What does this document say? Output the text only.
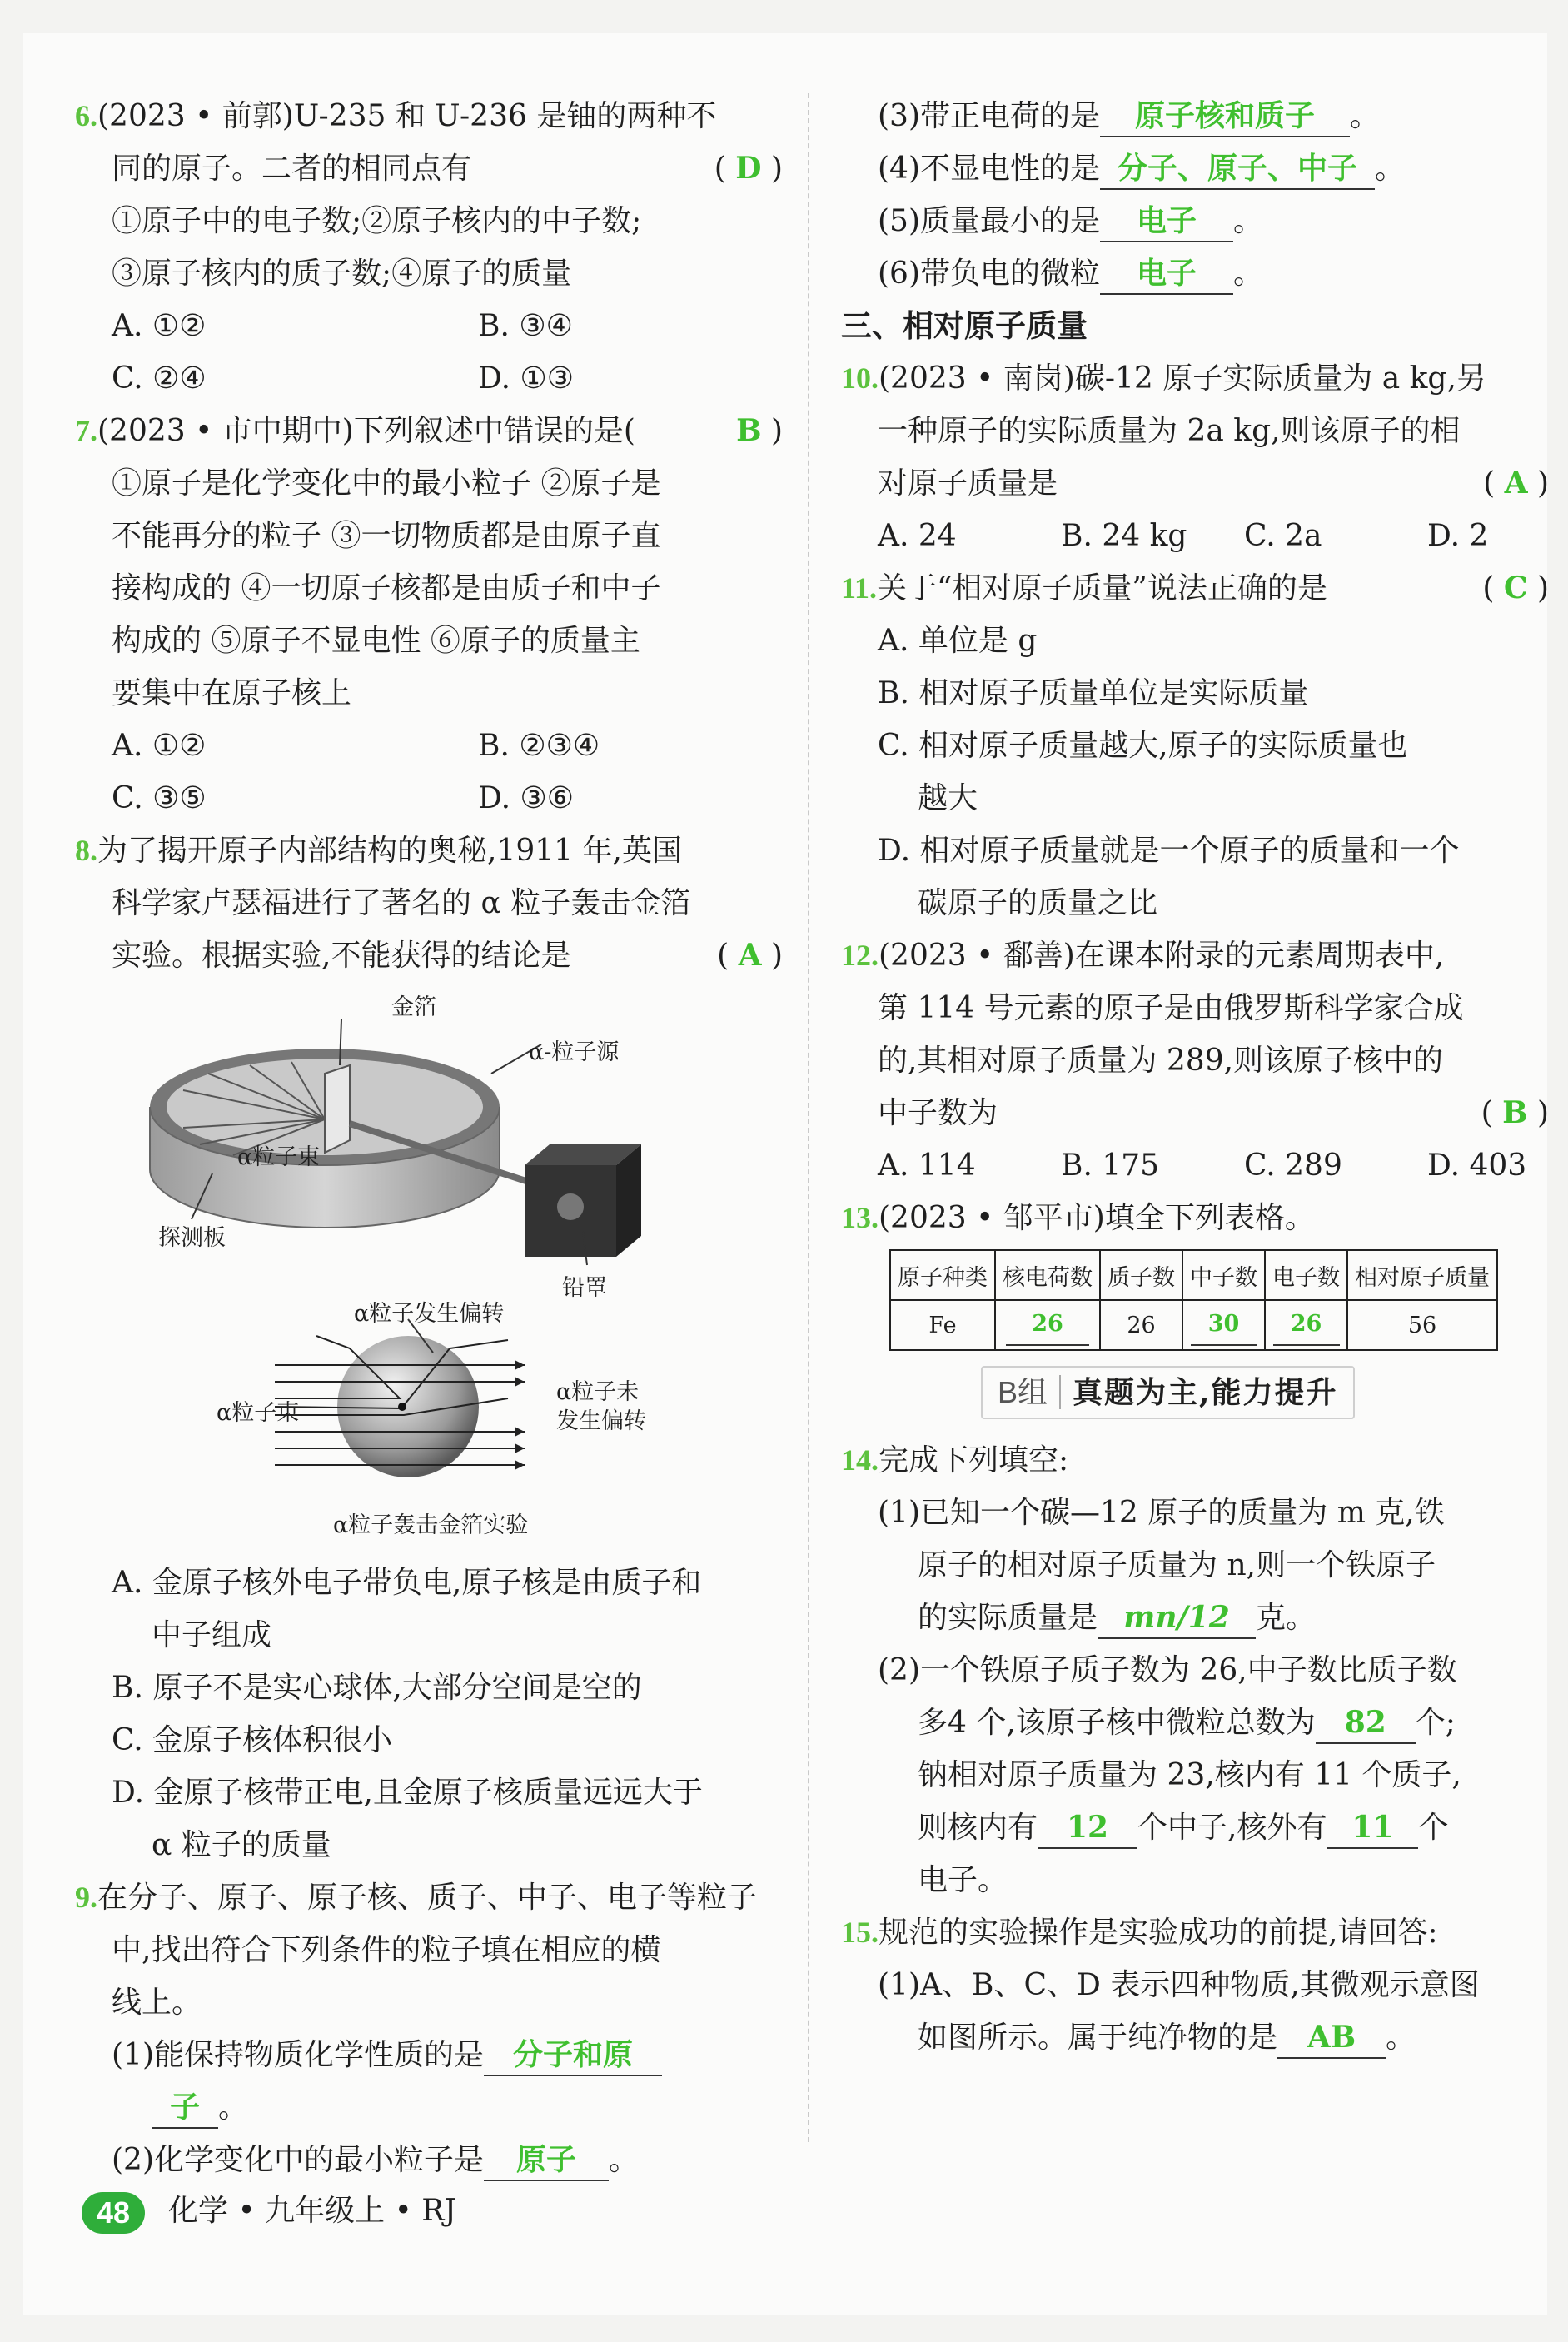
6.(2023 • 前郭)U-235 和 U-236 是铀的两种不
同的原子。二者的相同点有	( D )
①原子中的电子数;②原子核内的中子数;
③原子核内的质子数;④原子的质量
A. ①②	B. ③④
C. ②④	D. ①③
7.(2023 • 市中期中)下列叙述中错误的是(	B )
①原子是化学变化中的最小粒子 ②原子是
不能再分的粒子 ③一切物质都是由原子直
接构成的 ④一切原子核都是由质子和中子
构成的 ⑤原子不显电性 ⑥原子的质量主
要集中在原子核上
A. ①②	B. ②③④
C. ③⑤	D. ③⑥
8.为了揭开原子内部结构的奥秘,1911 年,英国
科学家卢瑟福进行了著名的 α 粒子轰击金箔
实验。根据实验,不能获得的结论是	( A )
金箔
α-粒子源
α粒子束
探测板
铅罩
α粒子发生偏转
α粒子束
α粒子未
发生偏转
α粒子轰击金箔实验
A. 金原子核外电子带负电,原子核是由质子和
中子组成
B. 原子不是实心球体,大部分空间是空的
C. 金原子核体积很小
D. 金原子核带正电,且金原子核质量远远大于
α 粒子的质量
9.在分子、原子、原子核、质子、中子、电子等粒子
中,找出符合下列条件的粒子填在相应的横
线上。
(1)能保持物质化学性质的是 分子和原
子 。
(2)化学变化中的最小粒子是 原子 。
(3)带正电荷的是 原子核和质子 。
(4)不显电性的是 分子、原子、中子 。
(5)质量最小的是 电子 。
(6)带负电的微粒 电子 。
三、相对原子质量
10.(2023 • 南岗)碳-12 原子实际质量为 a kg,另
一种原子的实际质量为 2a kg,则该原子的相
对原子质量是	( A )
A. 24	B. 24 kg C. 2a	D. 2
11.关于“相对原子质量”说法正确的是	( C )
A. 单位是 g
B. 相对原子质量单位是实际质量
C. 相对原子质量越大,原子的实际质量也
越大
D. 相对原子质量就是一个原子的质量和一个
碳原子的质量之比
12.(2023 • 鄱善)在课本附录的元素周期表中,
第 114 号元素的原子是由俄罗斯科学家合成
的,其相对原子质量为 289,则该原子核中的
中子数为	( B )
A. 114	B. 175	C. 289	D. 403
13.(2023 • 邹平市)填全下列表格。
原子种类	核电荷数	质子数	中子数	电子数	相对原子质量
Fe	26	26	30	26	56
B组 真题为主,能力提升
14.完成下列填空:
(1)已知一个碳—12 原子的质量为 m 克,铁
原子的相对原子质量为 n,则一个铁原子
的实际质量是 mn/12 克。
(2)一个铁原子质子数为 26,中子数比质子数
多4 个,该原子核中微粒总数为 82 个;
钠相对原子质量为 23,核内有 11 个质子,
则核内有 12 个中子,核外有 11 个
电子。
15.规范的实验操作是实验成功的前提,请回答:
(1)A、B、C、D 表示四种物质,其微观示意图
如图所示。属于纯净物的是 AB 。
48 化学 • 九年级上 • RJ
